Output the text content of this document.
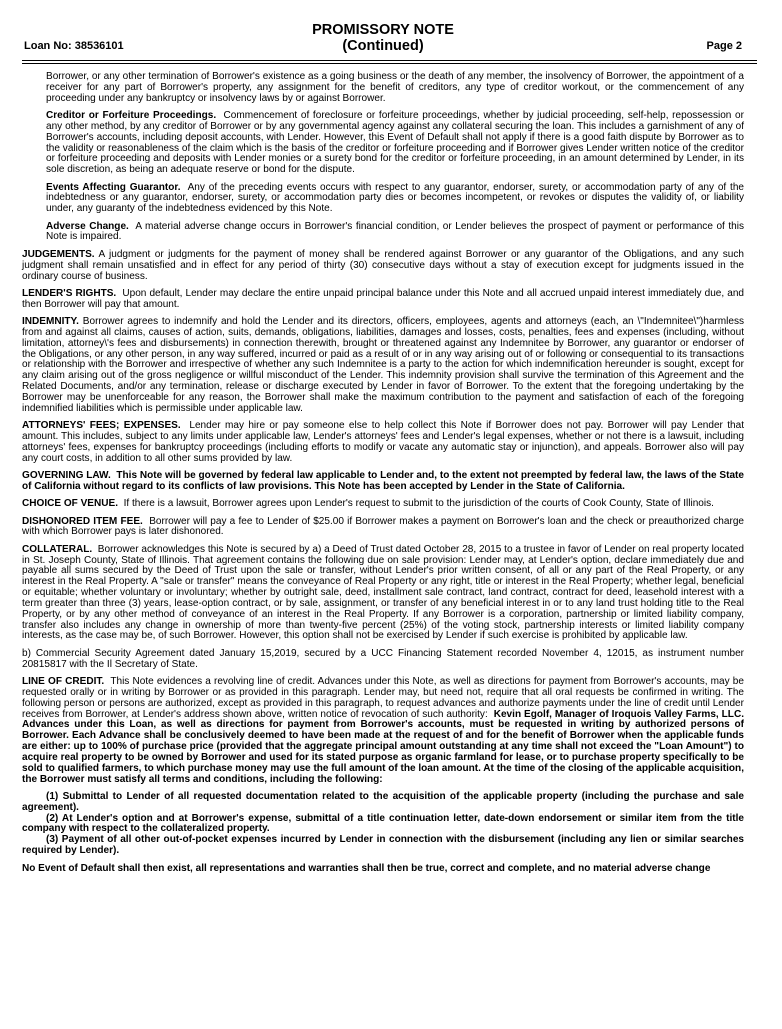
PROMISSORY NOTE
(Continued)
Loan No: 38536101	Page 2

Borrower, or any other termination of Borrower's existence as a going business or the death of any member, the insolvency of Borrower, the appointment of a receiver for any part of Borrower's property, any assignment for the benefit of creditors, any type of creditor workout, or the commencement of any proceeding under any bankruptcy or insolvency laws by or against Borrower.

Creditor or Forfeiture Proceedings. Commencement of foreclosure or forfeiture proceedings, whether by judicial proceeding, self-help, repossession or any other method, by any creditor of Borrower or by any governmental agency against any collateral securing the loan. This includes a garnishment of any of Borrower's accounts, including deposit accounts, with Lender. However, this Event of Default shall not apply if there is a good faith dispute by Borrower as to the validity or reasonableness of the claim which is the basis of the creditor or forfeiture proceeding and if Borrower gives Lender written notice of the creditor or forfeiture proceeding and deposits with Lender monies or a surety bond for the creditor or forfeiture proceeding, in an amount determined by Lender, in its sole discretion, as being an adequate reserve or bond for the dispute.

Events Affecting Guarantor. Any of the preceding events occurs with respect to any guarantor, endorser, surety, or accommodation party of any of the indebtedness or any guarantor, endorser, surety, or accommodation party dies or becomes incompetent, or revokes or disputes the validity of, or liability under, any guaranty of the indebtedness evidenced by this Note.

Adverse Change. A material adverse change occurs in Borrower's financial condition, or Lender believes the prospect of payment or performance of this Note is impaired.

JUDGEMENTS. A judgment or judgments for the payment of money shall be rendered against Borrower or any guarantor of the Obligations, and any such judgment shall remain unsatisfied and in effect for any period of thirty (30) consecutive days without a stay of execution except for judgments issued in the ordinary course of business.

LENDER'S RIGHTS. Upon default, Lender may declare the entire unpaid principal balance under this Note and all accrued unpaid interest immediately due, and then Borrower will pay that amount.

INDEMNITY. Borrower agrees to indemnify and hold the Lender and its directors, officers, employees, agents and attorneys (each, an \"Indemnitee\")harmless from and against all claims, causes of action, suits, demands, obligations, liabilities, damages and losses, costs, penalties, fees and expenses (including, without limitation, attorney\'s fees and disbursements) in connection therewith, brought or threatened against any Indemnitee by Borrower, any guarantor or endorser of the Obligations, or any other person, in any way suffered, incurred or paid as a result of or in any way arising out of or following or consequential to its transactions or relationship with the Borrower and irrespective of whether any such Indemnitee is a party to the action for which indemnification hereunder is sought, except for any claim arising out of the gross negligence or willful misconduct of the Lender. This indemnity provision shall survive the termination of this Agreement and the Related Documents, and/or any termination, release or discharge executed by Lender in favor of Borrower. To the extent that the foregoing undertaking by the Borrower may be unenforceable for any reason, the Borrower shall make the maximum contribution to the payment and satisfaction of each of the foregoing indemnified liabilities which is permissible under applicable law.

ATTORNEYS' FEES; EXPENSES. Lender may hire or pay someone else to help collect this Note if Borrower does not pay. Borrower will pay Lender that amount. This includes, subject to any limits under applicable law, Lender's attorneys' fees and Lender's legal expenses, whether or not there is a lawsuit, including attorneys' fees, expenses for bankruptcy proceedings (including efforts to modify or vacate any automatic stay or injunction), and appeals. Borrower also will pay any court costs, in addition to all other sums provided by law.

GOVERNING LAW. This Note will be governed by federal law applicable to Lender and, to the extent not preempted by federal law, the laws of the State of California without regard to its conflicts of law provisions. This Note has been accepted by Lender in the State of California.

CHOICE OF VENUE. If there is a lawsuit, Borrower agrees upon Lender's request to submit to the jurisdiction of the courts of Cook County, State of Illinois.

DISHONORED ITEM FEE. Borrower will pay a fee to Lender of $25.00 if Borrower makes a payment on Borrower's loan and the check or preauthorized charge with which Borrower pays is later dishonored.

COLLATERAL. Borrower acknowledges this Note is secured by a) a Deed of Trust dated October 28, 2015 to a trustee in favor of Lender on real property located in St. Joseph County, State of Illinois. That agreement contains the following due on sale provision: Lender may, at Lender's option, declare immediately due and payable all sums secured by the Deed of Trust upon the sale or transfer, without Lender's prior written consent, of all or any part of the Real Property, or any interest in the Real Property. A "sale or transfer" means the conveyance of Real Property or any right, title or interest in the Real Property; whether legal, beneficial or equitable; whether voluntary or involuntary; whether by outright sale, deed, installment sale contract, land contract, contract for deed, leasehold interest with a term greater than three (3) years, lease-option contract, or by sale, assignment, or transfer of any beneficial interest in or to any land trust holding title to the Real Property, or by any other method of conveyance of an interest in the Real Property. If any Borrower is a corporation, partnership or limited liability company, transfer also includes any change in ownership of more than twenty-five percent (25%) of the voting stock, partnership interests or limited liability company interests, as the case may be, of such Borrower. However, this option shall not be exercised by Lender if such exercise is prohibited by applicable law.

b) Commercial Security Agreement dated January 15,2019, secured by a UCC Financing Statement recorded November 4, 12015, as instrument number 20815817 with the Il Secretary of State.

LINE OF CREDIT. This Note evidences a revolving line of credit. Advances under this Note, as well as directions for payment from Borrower's accounts, may be requested orally or in writing by Borrower or as provided in this paragraph. Lender may, but need not, require that all oral requests be confirmed in writing. The following person or persons are authorized, except as provided in this paragraph, to request advances and authorize payments under the line of credit until Lender receives from Borrower, at Lender's address shown above, written notice of revocation of such authority: Kevin Egolf, Manager of Iroquois Valley Farms, LLC. Advances under this Loan, as well as directions for payment from Borrower's accounts, must be requested in writing by authorized persons of Borrower. Each Advance shall be conclusively deemed to have been made at the request of and for the benefit of Borrower when the applicable funds are either: up to 100% of purchase price (provided that the aggregate principal amount outstanding at any time shall not exceed the "Loan Amount") to acquire real property to be owned by Borrower and used for its stated purpose as organic farmland for lease, or to purchase property specifically to be sold to qualified farmers, to which purchase money may use the full amount of the loan amount. At the time of the closing of the applicable acquisition, the Borrower must satisfy all terms and conditions, including the following:

(1) Submittal to Lender of all requested documentation related to the acquisition of the applicable property (including the purchase and sale agreement).

(2) At Lender's option and at Borrower's expense, submittal of a title continuation letter, date-down endorsement or similar item from the title company with respect to the collateralized property.

(3) Payment of all other out-of-pocket expenses incurred by Lender in connection with the disbursement (including any lien or similar searches required by Lender).

No Event of Default shall then exist, all representations and warranties shall then be true, correct and complete, and no material adverse change
